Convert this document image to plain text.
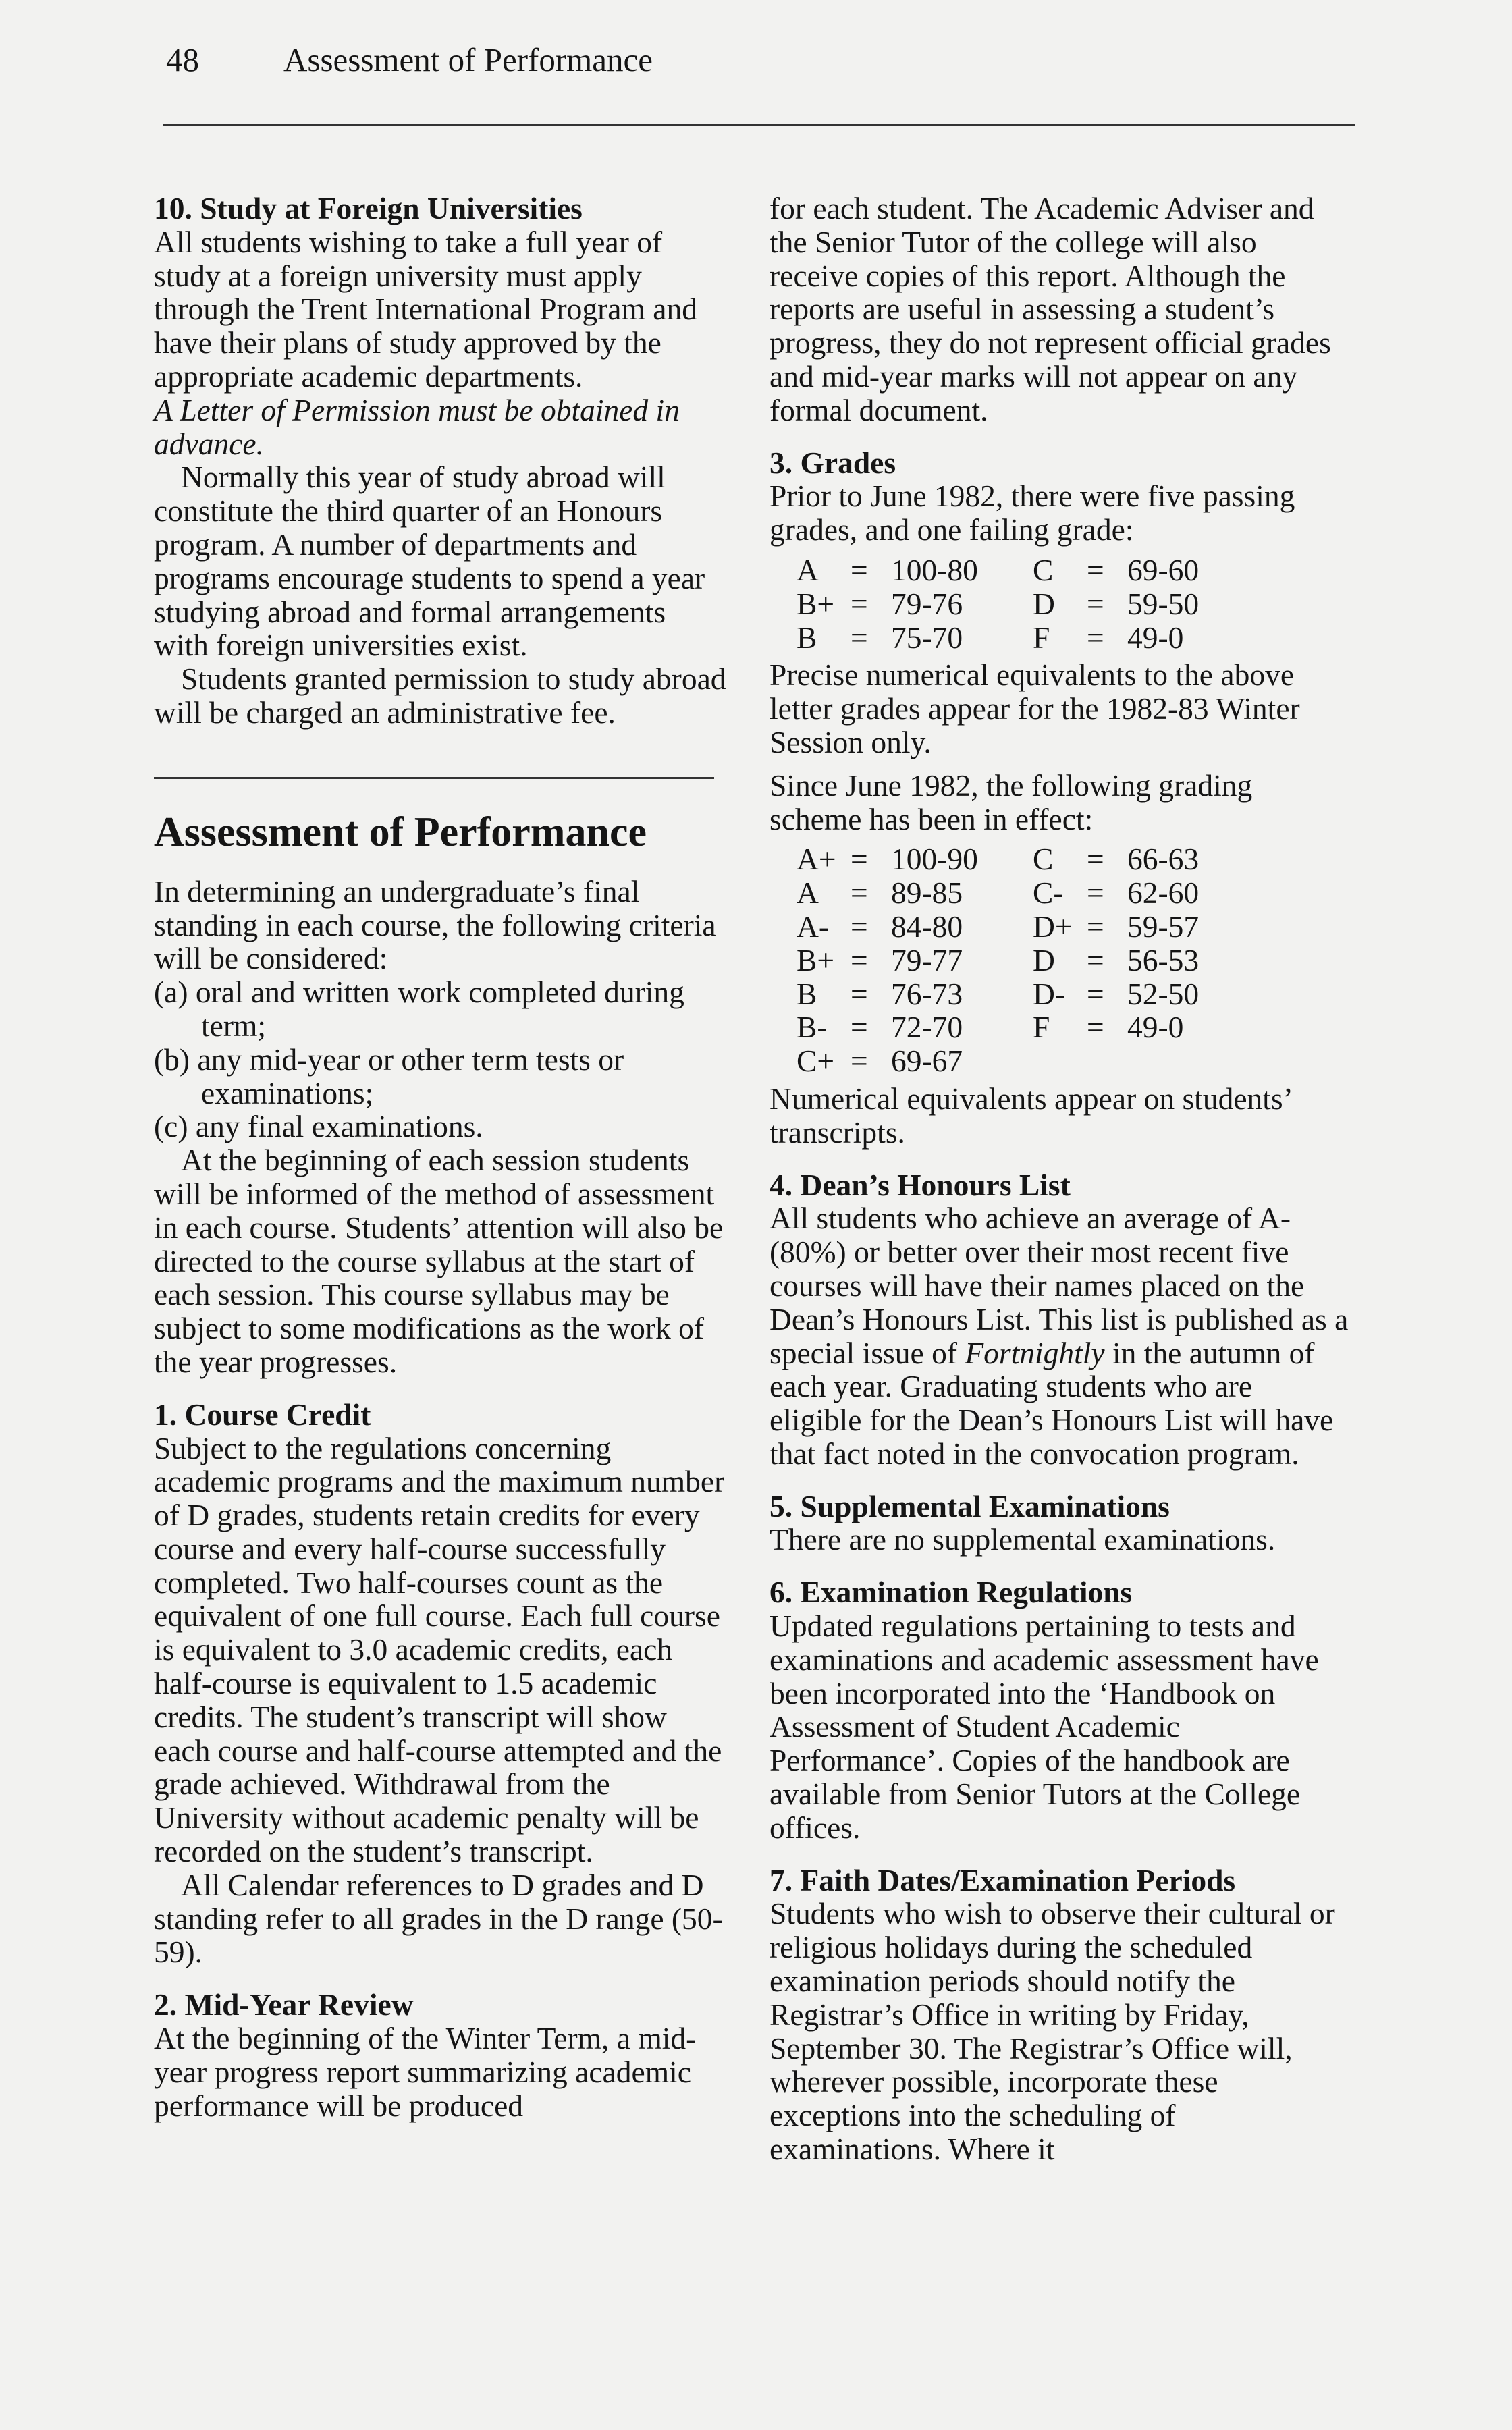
48	Assessment of Performance

10. Study at Foreign Universities

All students wishing to take a full year of study at a foreign university must apply through the Trent International Program and have their plans of study approved by the appropriate academic departments.

A Letter of Permission must be obtained in advance.

Normally this year of study abroad will constitute the third quarter of an Honours program. A number of departments and programs encourage students to spend a year studying abroad and formal arrangements with foreign universities exist.

Students granted permission to study abroad will be charged an administrative fee.

Assessment of Performance

In determining an undergraduate’s final standing in each course, the following criteria will be considered:

(a) oral and written work completed during term;

(b) any mid-year or other term tests or examinations;

(c) any final examinations.

At the beginning of each session students will be informed of the method of assessment in each course. Students’ attention will also be directed to the course syllabus at the start of each session. This course syllabus may be subject to some modifications as the work of the year progresses.

1. Course Credit

Subject to the regulations concerning academic programs and the maximum number of D grades, students retain credits for every course and every half-course successfully completed. Two half-courses count as the equivalent of one full course. Each full course is equivalent to 3.0 academic credits, each half-course is equivalent to 1.5 academic credits. The student’s transcript will show each course and half-course attempted and the grade achieved. Withdrawal from the University without academic penalty will be recorded on the student’s transcript.

All Calendar references to D grades and D standing refer to all grades in the D range (50-59).

2. Mid-Year Review

At the beginning of the Winter Term, a mid-year progress report summarizing academic performance will be produced

for each student. The Academic Adviser and the Senior Tutor of the college will also receive copies of this report. Although the reports are useful in assessing a student’s progress, they do not represent official grades and mid-year marks will not appear on any formal document.

3. Grades

Prior to June 1982, there were five passing grades, and one failing grade:

A	= 100-80	C	= 69-60
B+ = 79-76	D	= 59-50
B	= 75-70	F	= 49-0

Precise numerical equivalents to the above letter grades appear for the 1982-83 Winter Session only.

Since June 1982, the following grading scheme has been in effect:

A+ = 100-90	C	= 66-63
A	= 89-85	C- = 62-60
A- = 84-80	D+ = 59-57
B+ = 79-77	D	= 56-53
B	= 76-73	D- = 52-50
B- = 72-70	F	= 49-0
C+ = 69-67

Numerical equivalents appear on students’ transcripts.

4. Dean’s Honours List

All students who achieve an average of A- (80%) or better over their most recent five courses will have their names placed on the Dean’s Honours List. This list is published as a special issue of Fortnightly in the autumn of each year. Graduating students who are eligible for the Dean’s Honours List will have that fact noted in the convocation program.

5. Supplemental Examinations

There are no supplemental examinations.

6. Examination Regulations

Updated regulations pertaining to tests and examinations and academic assessment have been incorporated into the ‘Handbook on Assessment of Student Academic Performance’. Copies of the handbook are available from Senior Tutors at the College offices.

7. Faith Dates/Examination Periods

Students who wish to observe their cultural or religious holidays during the scheduled examination periods should notify the Registrar’s Office in writing by Friday, September 30. The Registrar’s Office will, wherever possible, incorporate these exceptions into the scheduling of examinations. Where it
